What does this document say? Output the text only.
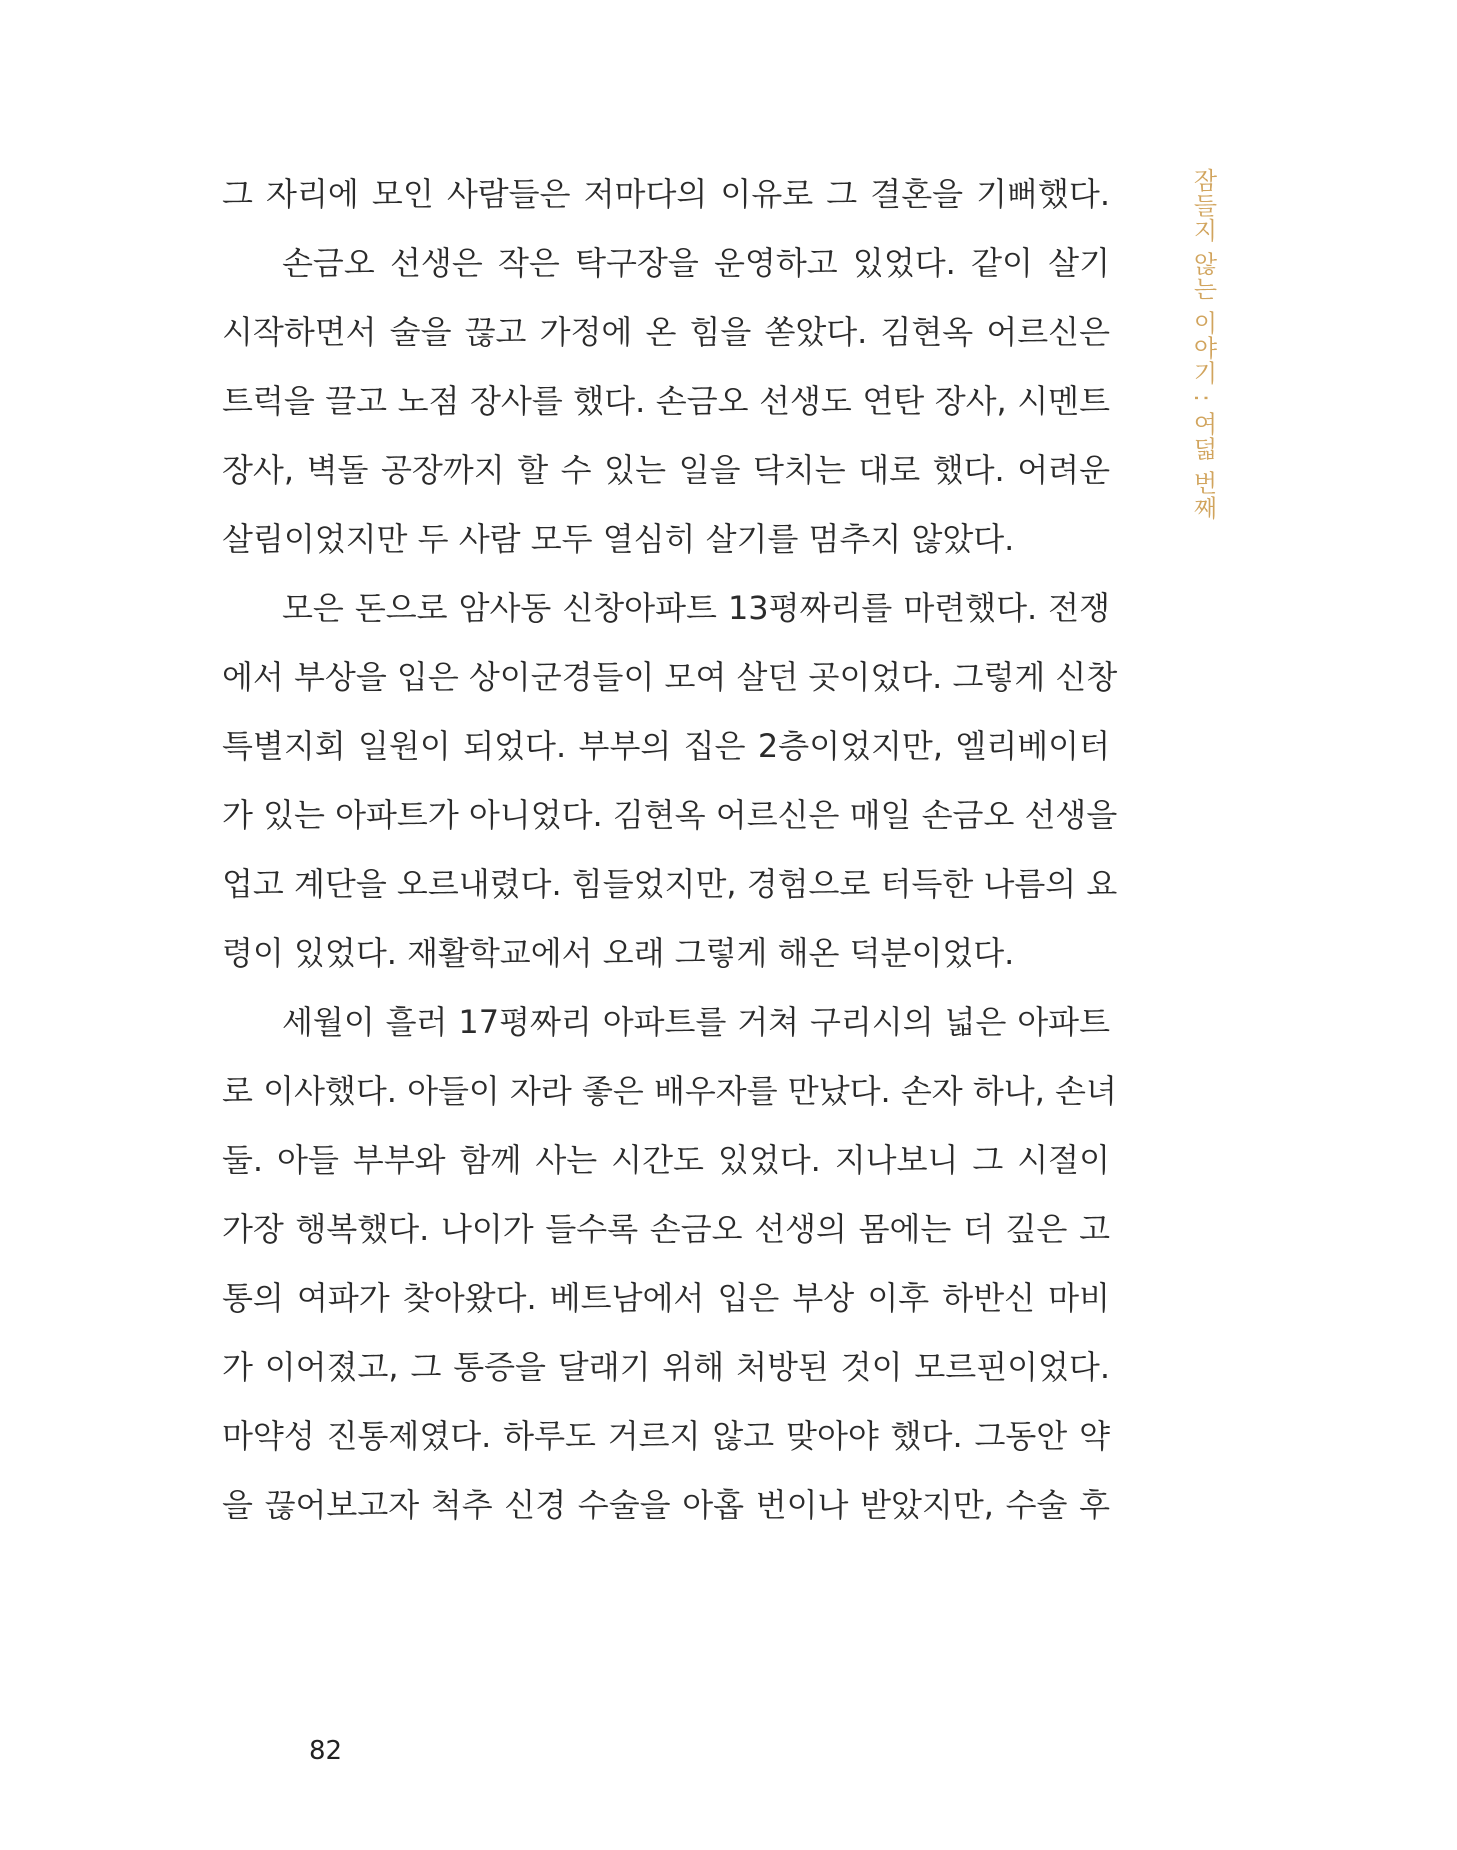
그 자리에 모인 사람들은 저마다의 이유로 그 결혼을 기뻐했다.
손금오 선생은 작은 탁구장을 운영하고 있었다. 같이 살기
시작하면서 술을 끊고 가정에 온 힘을 쏟았다. 김현옥 어르신은
트럭을 끌고 노점 장사를 했다. 손금오 선생도 연탄 장사, 시멘트
장사, 벽돌 공장까지 할 수 있는 일을 닥치는 대로 했다. 어려운
살림이었지만 두 사람 모두 열심히 살기를 멈추지 않았다.
모은 돈으로 암사동 신창아파트 13평짜리를 마련했다. 전쟁
에서 부상을 입은 상이군경들이 모여 살던 곳이었다. 그렇게 신창
특별지회 일원이 되었다. 부부의 집은 2층이었지만, 엘리베이터
가 있는 아파트가 아니었다. 김현옥 어르신은 매일 손금오 선생을
업고 계단을 오르내렸다. 힘들었지만, 경험으로 터득한 나름의 요
령이 있었다. 재활학교에서 오래 그렇게 해온 덕분이었다.
세월이 흘러 17평짜리 아파트를 거쳐 구리시의 넓은 아파트
로 이사했다. 아들이 자라 좋은 배우자를 만났다. 손자 하나, 손녀
둘. 아들 부부와 함께 사는 시간도 있었다. 지나보니 그 시절이
가장 행복했다. 나이가 들수록 손금오 선생의 몸에는 더 깊은 고
통의 여파가 찾아왔다. 베트남에서 입은 부상 이후 하반신 마비
가 이어졌고, 그 통증을 달래기 위해 처방된 것이 모르핀이었다.
마약성 진통제였다. 하루도 거르지 않고 맞아야 했다. 그동안 약
을 끊어보고자 척추 신경 수술을 아홉 번이나 받았지만, 수술 후
잠들지 않는 이야기 : 여덟 번째
82
